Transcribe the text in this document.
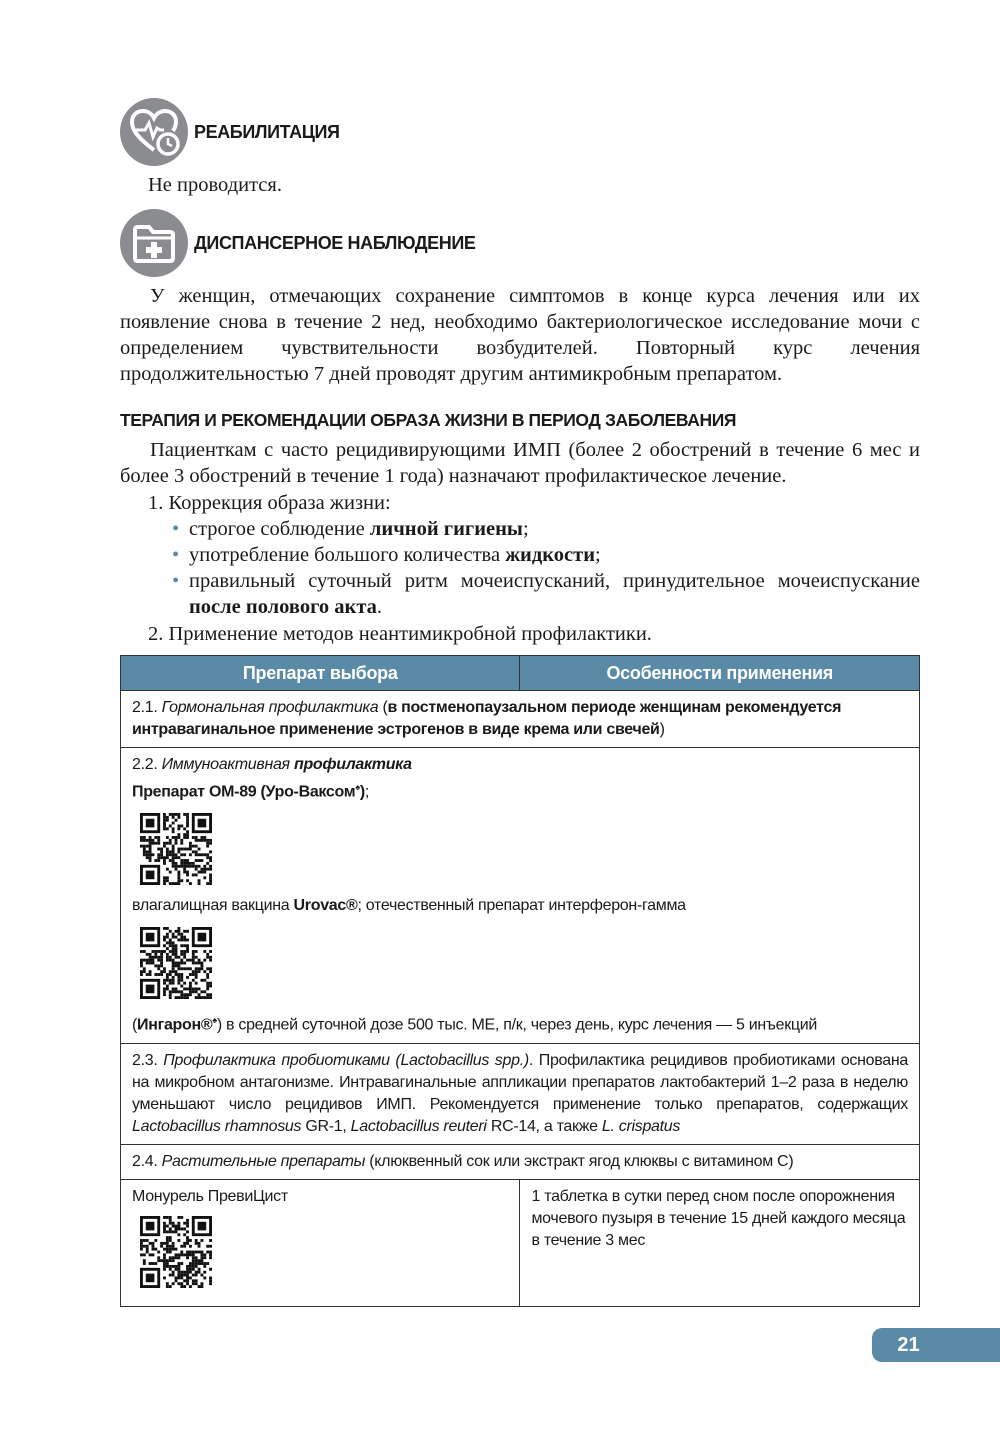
РЕАБИЛИТАЦИЯ
Не проводится.
ДИСПАНСЕРНОЕ НАБЛЮДЕНИЕ
У женщин, отмечающих сохранение симптомов в конце курса лечения или их появление снова в течение 2 нед, необходимо бактериологическое исследование мочи с определением чувствительности возбудителей. Повторный курс лечения продолжительностью 7 дней проводят другим антимикробным препаратом.
ТЕРАПИЯ И РЕКОМЕНДАЦИИ ОБРАЗА ЖИЗНИ В ПЕРИОД ЗАБОЛЕВАНИЯ
Пациенткам с часто рецидивирующими ИМП (более 2 обострений в течение 6 мес и более 3 обострений в течение 1 года) назначают профилактическое лечение.
1. Коррекция образа жизни:
• строгое соблюдение личной гигиены;
• употребление большого количества жидкости;
• правильный суточный ритм мочеиспусканий, принудительное мочеиспускание после полового акта.
2. Применение методов неантимикробной профилактики.
Препарат выбора	Особенности применения
2.1. Гормональная профилактика (в постменопаузальном периоде женщинам рекомендуется интравагинальное применение эстрогенов в виде крема или свечей)	

2.2. Иммуноактивная профилактика
Препарат ОМ-89 (Уро-Ваксом♠);
влагалищная вакцина Urovac®; отечественный препарат интерферон-гамма
(Ингарон®♠) в средней суточной дозе 500 тыс. МЕ, п/к, через день, курс лечения — 5 инъекций	

2.3. Профилактика пробиотиками (Lactobacillus spp.). Профилактика рецидивов пробиотиками основана на микробном антагонизме. Интравагинальные аппликации препаратов лактобактерий 1–2 раза в неделю уменьшают число рецидивов ИМП. Рекомендуется применение только препаратов, содержащих Lactobacillus rhamnosus GR-1, Lactobacillus reuteri RC-14, а также L. crispatus	
2.4. Растительные препараты (клюквенный сок или экстракт ягод клюквы с витамином С)	

Монурель ПревиЦист	1 таблетка в сутки перед сном после опорожнения мочевого пузыря в течение 15 дней каждого месяца в течение 3 мес
21
